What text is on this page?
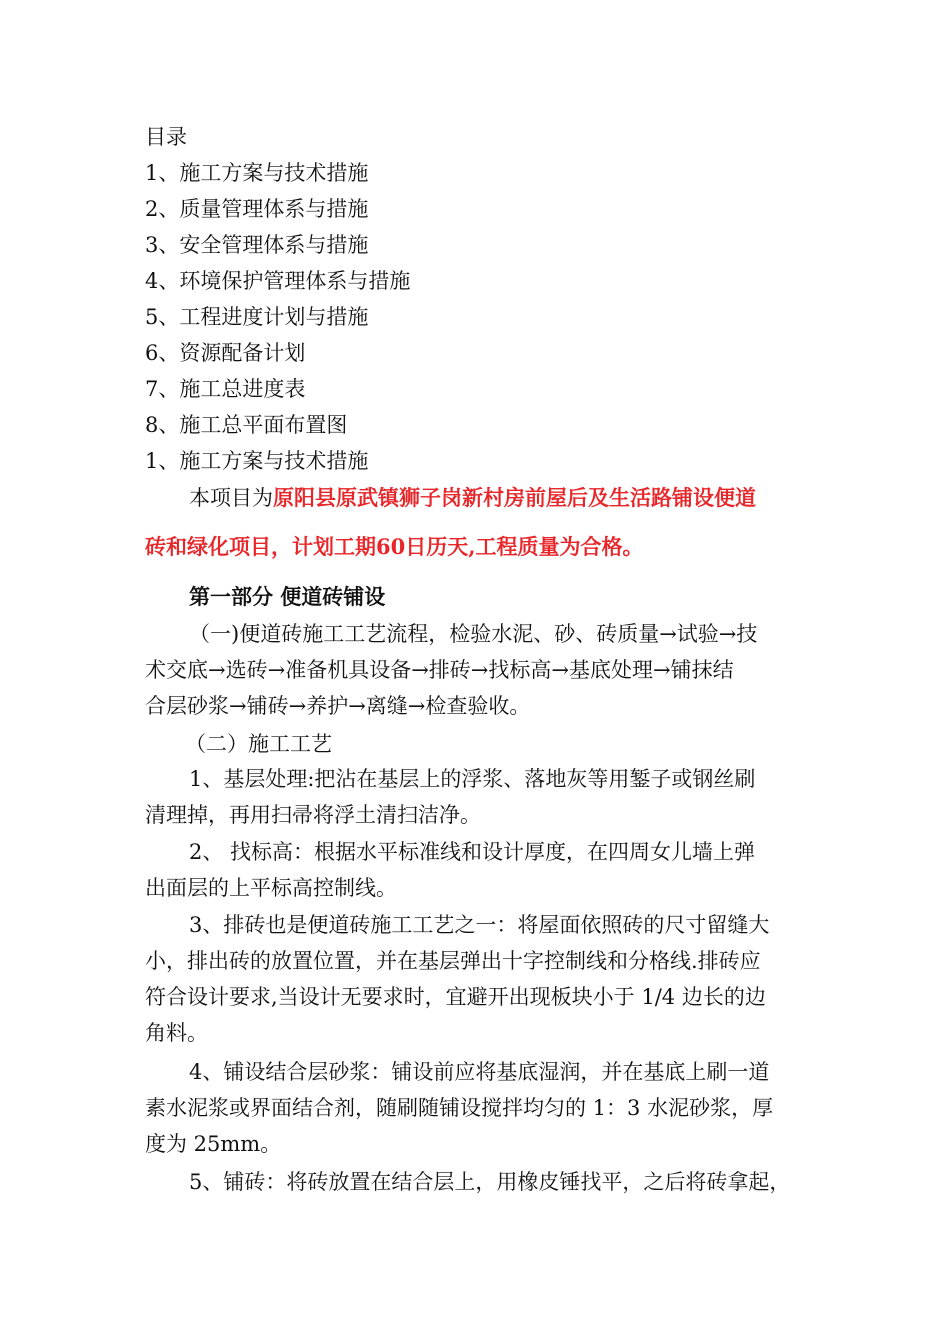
目录
1、施工方案与技术措施
2、质量管理体系与措施
3、安全管理体系与措施
4、环境保护管理体系与措施
5、工程进度计划与措施
6、资源配备计划
7、施工总进度表
8、施工总平面布置图
1、施工方案与技术措施
本项目为原阳县原武镇狮子岗新村房前屋后及生活路铺设便道
砖和绿化项目，计划工期60日历天,工程质量为合格。
第一部分 便道砖铺设
（一)便道砖施工工艺流程，检验水泥、砂、砖质量→试验→技
术交底→选砖→准备机具设备→排砖→找标高→基底处理→铺抹结
合层砂浆→铺砖→养护→离缝→检查验收。
（二）施工工艺
1、基层处理:把沾在基层上的浮浆、落地灰等用錾子或钢丝刷
清理掉，再用扫帚将浮土清扫洁净。
2、 找标高：根据水平标准线和设计厚度，在四周女儿墙上弹
出面层的上平标高控制线。
3、排砖也是便道砖施工工艺之一：将屋面依照砖的尺寸留缝大
小，排出砖的放置位置，并在基层弹出十字控制线和分格线.排砖应
符合设计要求,当设计无要求时，宜避开出现板块小于 1/4 边长的边
角料。
4、铺设结合层砂浆：铺设前应将基底湿润，并在基底上刷一道
素水泥浆或界面结合剂，随刷随铺设搅拌均匀的 1：3 水泥砂浆，厚
度为 25mm。
5、铺砖：将砖放置在结合层上，用橡皮锤找平，之后将砖拿起，
